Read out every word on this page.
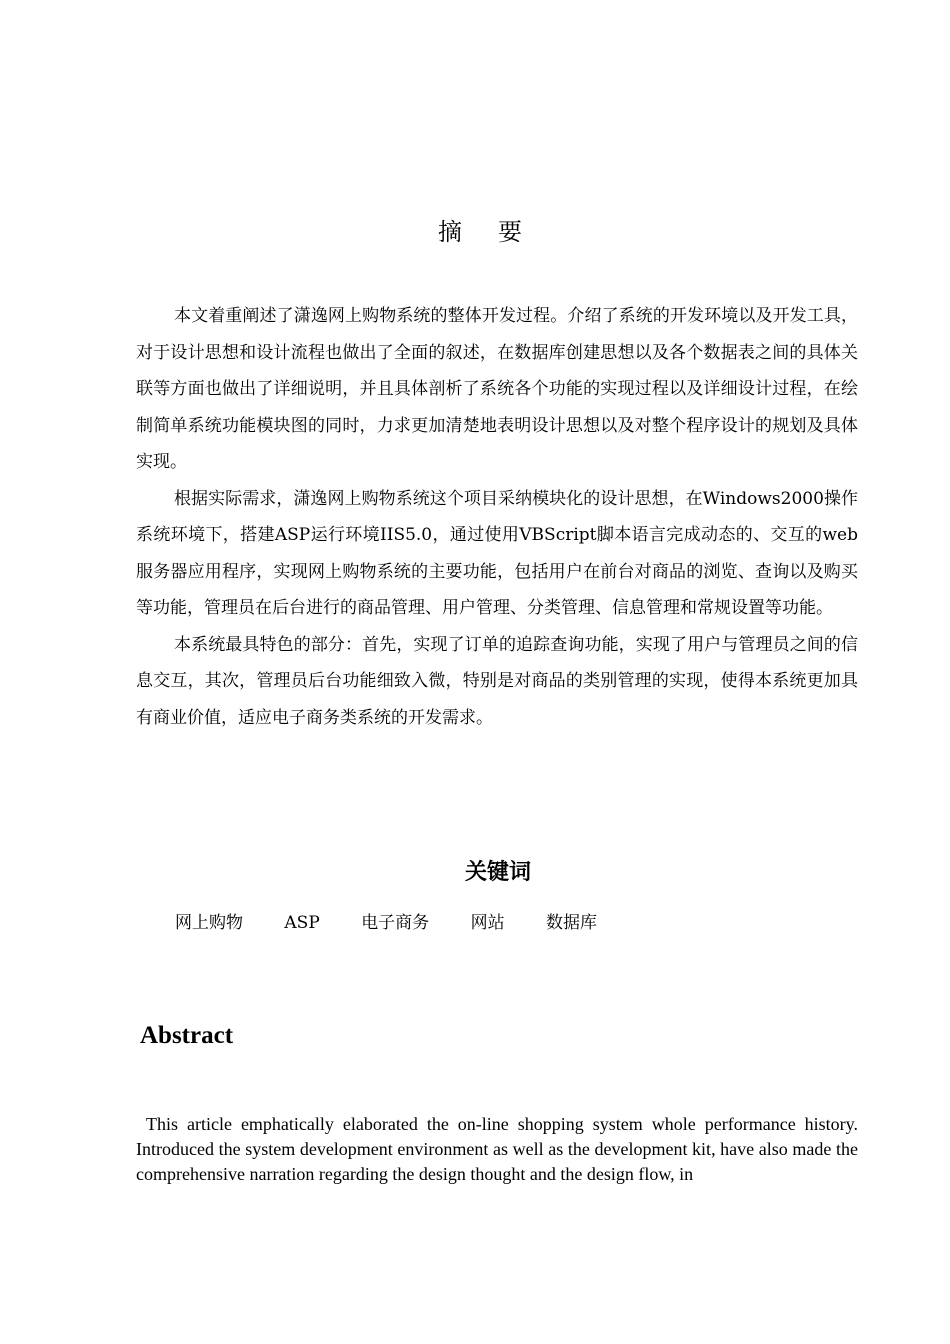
摘要

本文着重阐述了潇逸网上购物系统的整体开发过程。介绍了系统的开发环境以及开发工具，对于设计思想和设计流程也做出了全面的叙述，在数据库创建思想以及各个数据表之间的具体关联等方面也做出了详细说明，并且具体剖析了系统各个功能的实现过程以及详细设计过程，在绘制简单系统功能模块图的同时，力求更加清楚地表明设计思想以及对整个程序设计的规划及具体实现。

根据实际需求，潇逸网上购物系统这个项目采纳模块化的设计思想，在Windows2000操作系统环境下，搭建ASP运行环境IIS5.0，通过使用VBScript脚本语言完成动态的、交互的web服务器应用程序，实现网上购物系统的主要功能，包括用户在前台对商品的浏览、查询以及购买等功能，管理员在后台进行的商品管理、用户管理、分类管理、信息管理和常规设置等功能。

本系统最具特色的部分：首先，实现了订单的追踪查询功能，实现了用户与管理员之间的信息交互，其次，管理员后台功能细致入微，特别是对商品的类别管理的实现，使得本系统更加具有商业价值，适应电子商务类系统的开发需求。

关键词
网上购物 ASP 电子商务 网站 数据库
Abstract

This article emphatically elaborated the on-line shopping system whole performance history. Introduced the system development environment as well as the development kit, have also made the comprehensive narration regarding the design thought and the design flow, in
